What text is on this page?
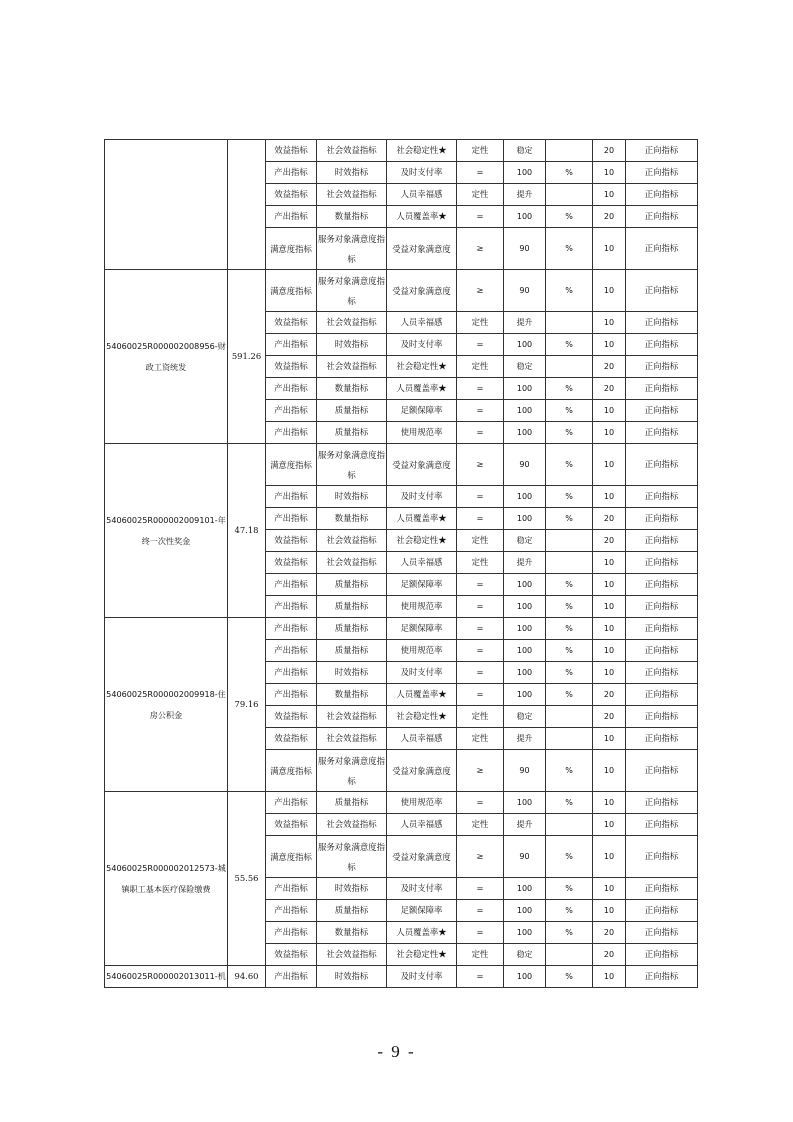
		效益指标	社会效益指标	社会稳定性★	定性	稳定		20	正向指标
		产出指标	时效指标	及时支付率	=	100	%	10	正向指标
		效益指标	社会效益指标	人员幸福感	定性	提升		10	正向指标
		产出指标	数量指标	人员覆盖率★	=	100	%	20	正向指标
		满意度指标	服务对象满意度指标	受益对象满意度	≥	90	%	10	正向指标
54060025R000002008956-财政工资统发	591.26	满意度指标	服务对象满意度指标	受益对象满意度	≥	90	%	10	正向指标
		效益指标	社会效益指标	人员幸福感	定性	提升		10	正向指标
		产出指标	时效指标	及时支付率	=	100	%	10	正向指标
		效益指标	社会效益指标	社会稳定性★	定性	稳定		20	正向指标
		产出指标	数量指标	人员覆盖率★	=	100	%	20	正向指标
		产出指标	质量指标	足额保障率	=	100	%	10	正向指标
		产出指标	质量指标	使用规范率	=	100	%	10	正向指标
54060025R000002009101-年终一次性奖金	47.18	满意度指标	服务对象满意度指标	受益对象满意度	≥	90	%	10	正向指标
		产出指标	时效指标	及时支付率	=	100	%	10	正向指标
		产出指标	数量指标	人员覆盖率★	=	100	%	20	正向指标
		效益指标	社会效益指标	社会稳定性★	定性	稳定		20	正向指标
		效益指标	社会效益指标	人员幸福感	定性	提升		10	正向指标
		产出指标	质量指标	足额保障率	=	100	%	10	正向指标
		产出指标	质量指标	使用规范率	=	100	%	10	正向指标
54060025R000002009918-住房公积金	79.16	产出指标	质量指标	足额保障率	=	100	%	10	正向指标
		产出指标	质量指标	使用规范率	=	100	%	10	正向指标
		产出指标	时效指标	及时支付率	=	100	%	10	正向指标
		产出指标	数量指标	人员覆盖率★	=	100	%	20	正向指标
		效益指标	社会效益指标	社会稳定性★	定性	稳定		20	正向指标
		效益指标	社会效益指标	人员幸福感	定性	提升		10	正向指标
		满意度指标	服务对象满意度指标	受益对象满意度	≥	90	%	10	正向指标
54060025R000002012573-城镇职工基本医疗保险缴费	55.56	产出指标	质量指标	使用规范率	=	100	%	10	正向指标
		效益指标	社会效益指标	人员幸福感	定性	提升		10	正向指标
		满意度指标	服务对象满意度指标	受益对象满意度	≥	90	%	10	正向指标
		产出指标	时效指标	及时支付率	=	100	%	10	正向指标
		产出指标	质量指标	足额保障率	=	100	%	10	正向指标
		产出指标	数量指标	人员覆盖率★	=	100	%	20	正向指标
		效益指标	社会效益指标	社会稳定性★	定性	稳定		20	正向指标
54060025R000002013011-机	94.60	产出指标	时效指标	及时支付率	=	100	%	10	正向指标
- 9 -
